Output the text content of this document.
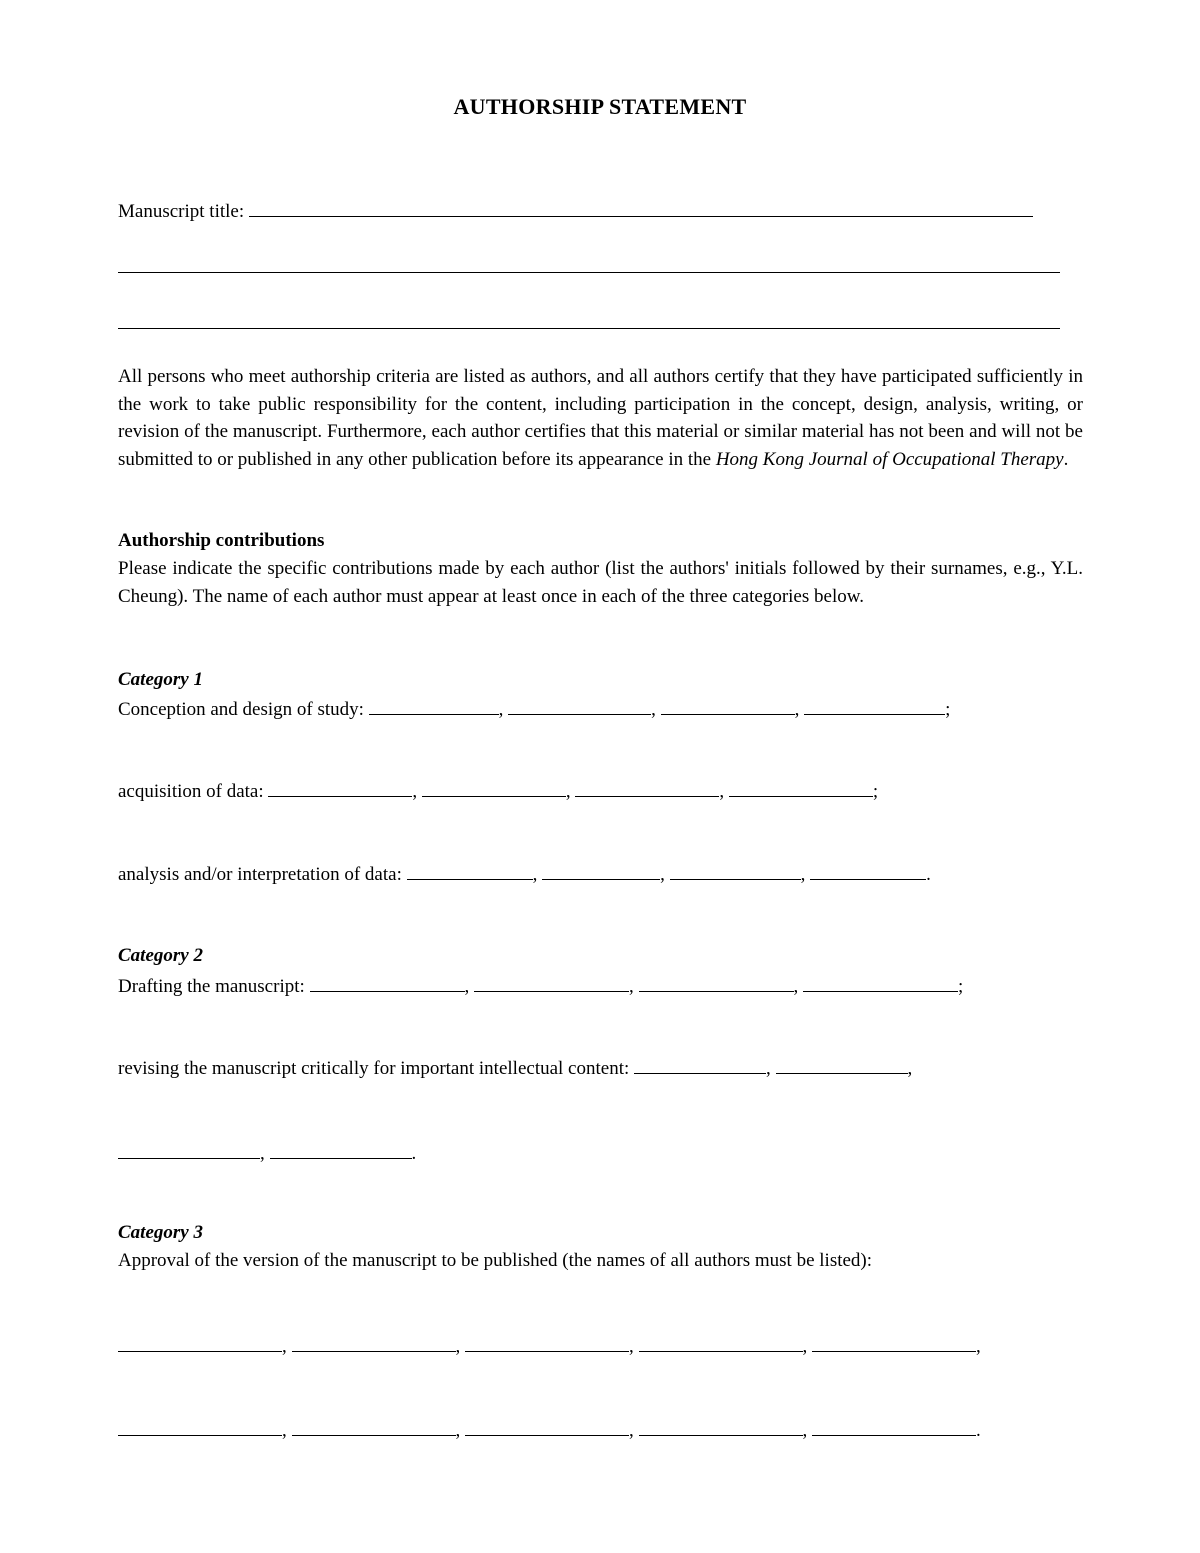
AUTHORSHIP STATEMENT
Manuscript title:
All persons who meet authorship criteria are listed as authors, and all authors certify that they have participated sufficiently in the work to take public responsibility for the content, including participation in the concept, design, analysis, writing, or revision of the manuscript. Furthermore, each author certifies that this material or similar material has not been and will not be submitted to or published in any other publication before its appearance in the Hong Kong Journal of Occupational Therapy.
Authorship contributions
Please indicate the specific contributions made by each author (list the authors' initials followed by their surnames, e.g., Y.L. Cheung). The name of each author must appear at least once in each of the three categories below.
Category 1
Conception and design of study:	,	,	,	;
acquisition of data:	,	,	,	;
analysis and/or interpretation of data:	,	,	,	.
Category 2
Drafting the manuscript:	,	,	,	;
revising the manuscript critically for important intellectual content:	,	,
,	.
Category 3
Approval of the version of the manuscript to be published (the names of all authors must be listed):
,	,	,	,	,
,	,	,	,	.
